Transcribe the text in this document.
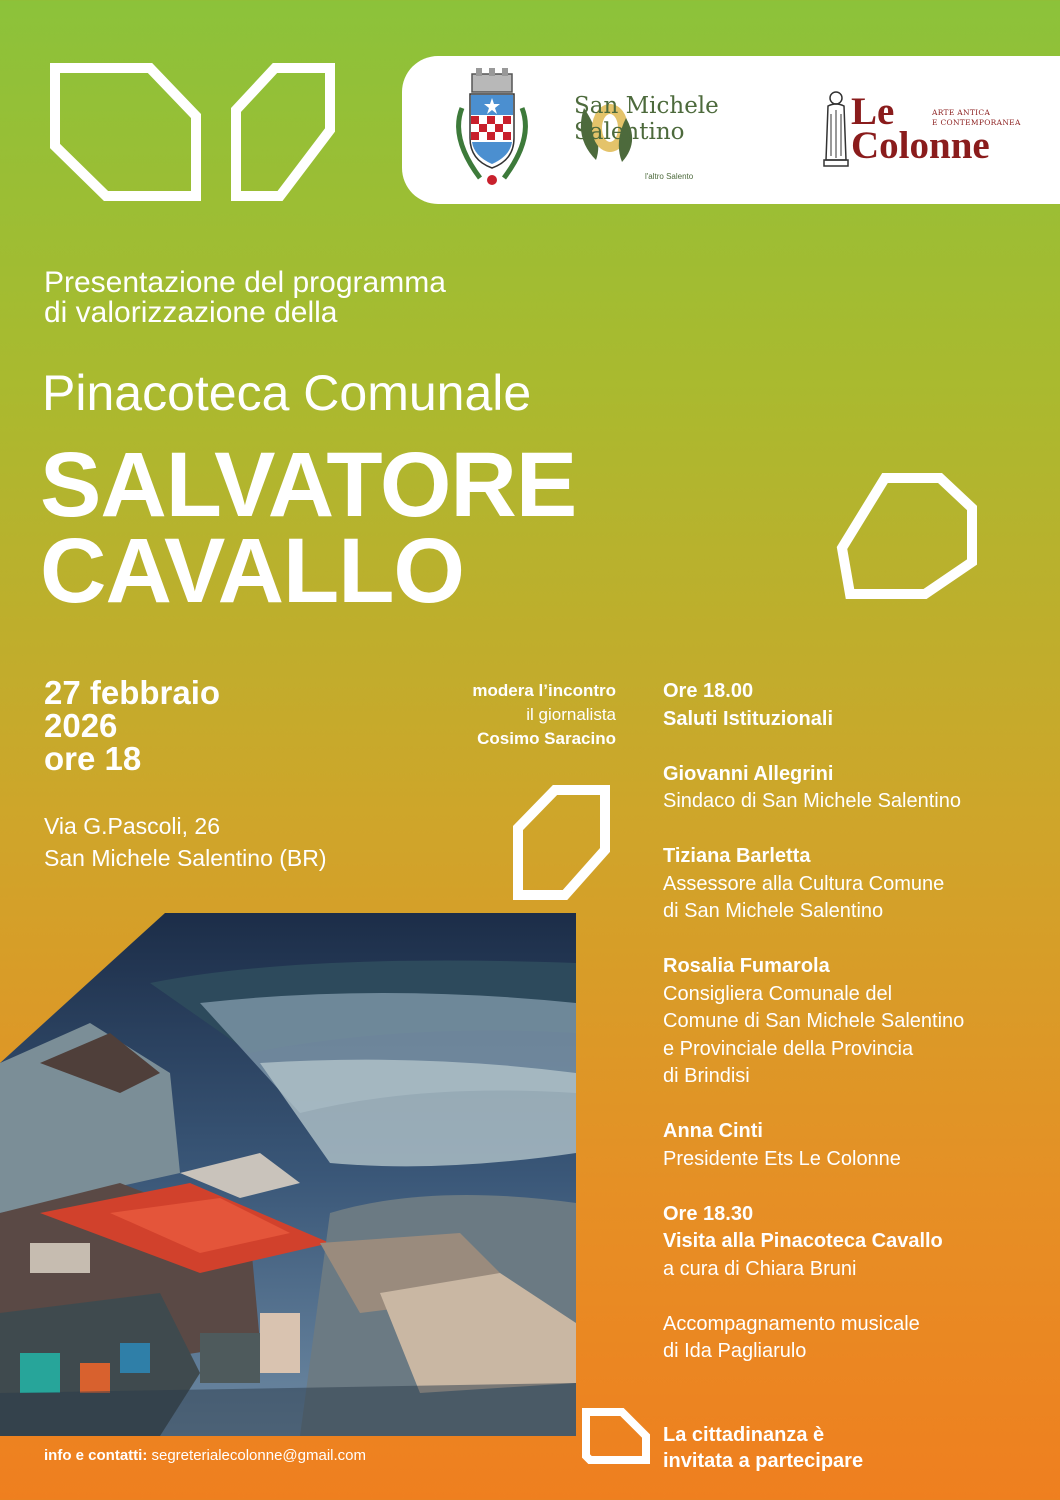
San Michele
Salentino
l'altro Salento
ARTE ANTICA
E CONTEMPORANEA
Le Colonne
Presentazione del programma
di valorizzazione della
Pinacoteca Comunale
SALVATORE
CAVALLO
27 febbraio
2026
ore 18
Via G.Pascoli, 26
San Michele Salentino (BR)
modera l’incontro
il giornalista
Cosimo Saracino
Ore 18.00
Saluti Istituzionali
Giovanni Allegrini
Sindaco di San Michele Salentino
Tiziana Barletta
Assessore alla Cultura Comune
di San Michele Salentino
Rosalia Fumarola
Consigliera Comunale del
Comune di San Michele Salentino
e Provinciale della Provincia
di Brindisi
Anna Cinti
Presidente Ets Le Colonne
Ore 18.30
Visita alla Pinacoteca Cavallo
a cura di Chiara Bruni
Accompagnamento musicale
di Ida Pagliarulo
La cittadinanza è
invitata a partecipare
info e contatti: segreterialecolonne@gmail.com
